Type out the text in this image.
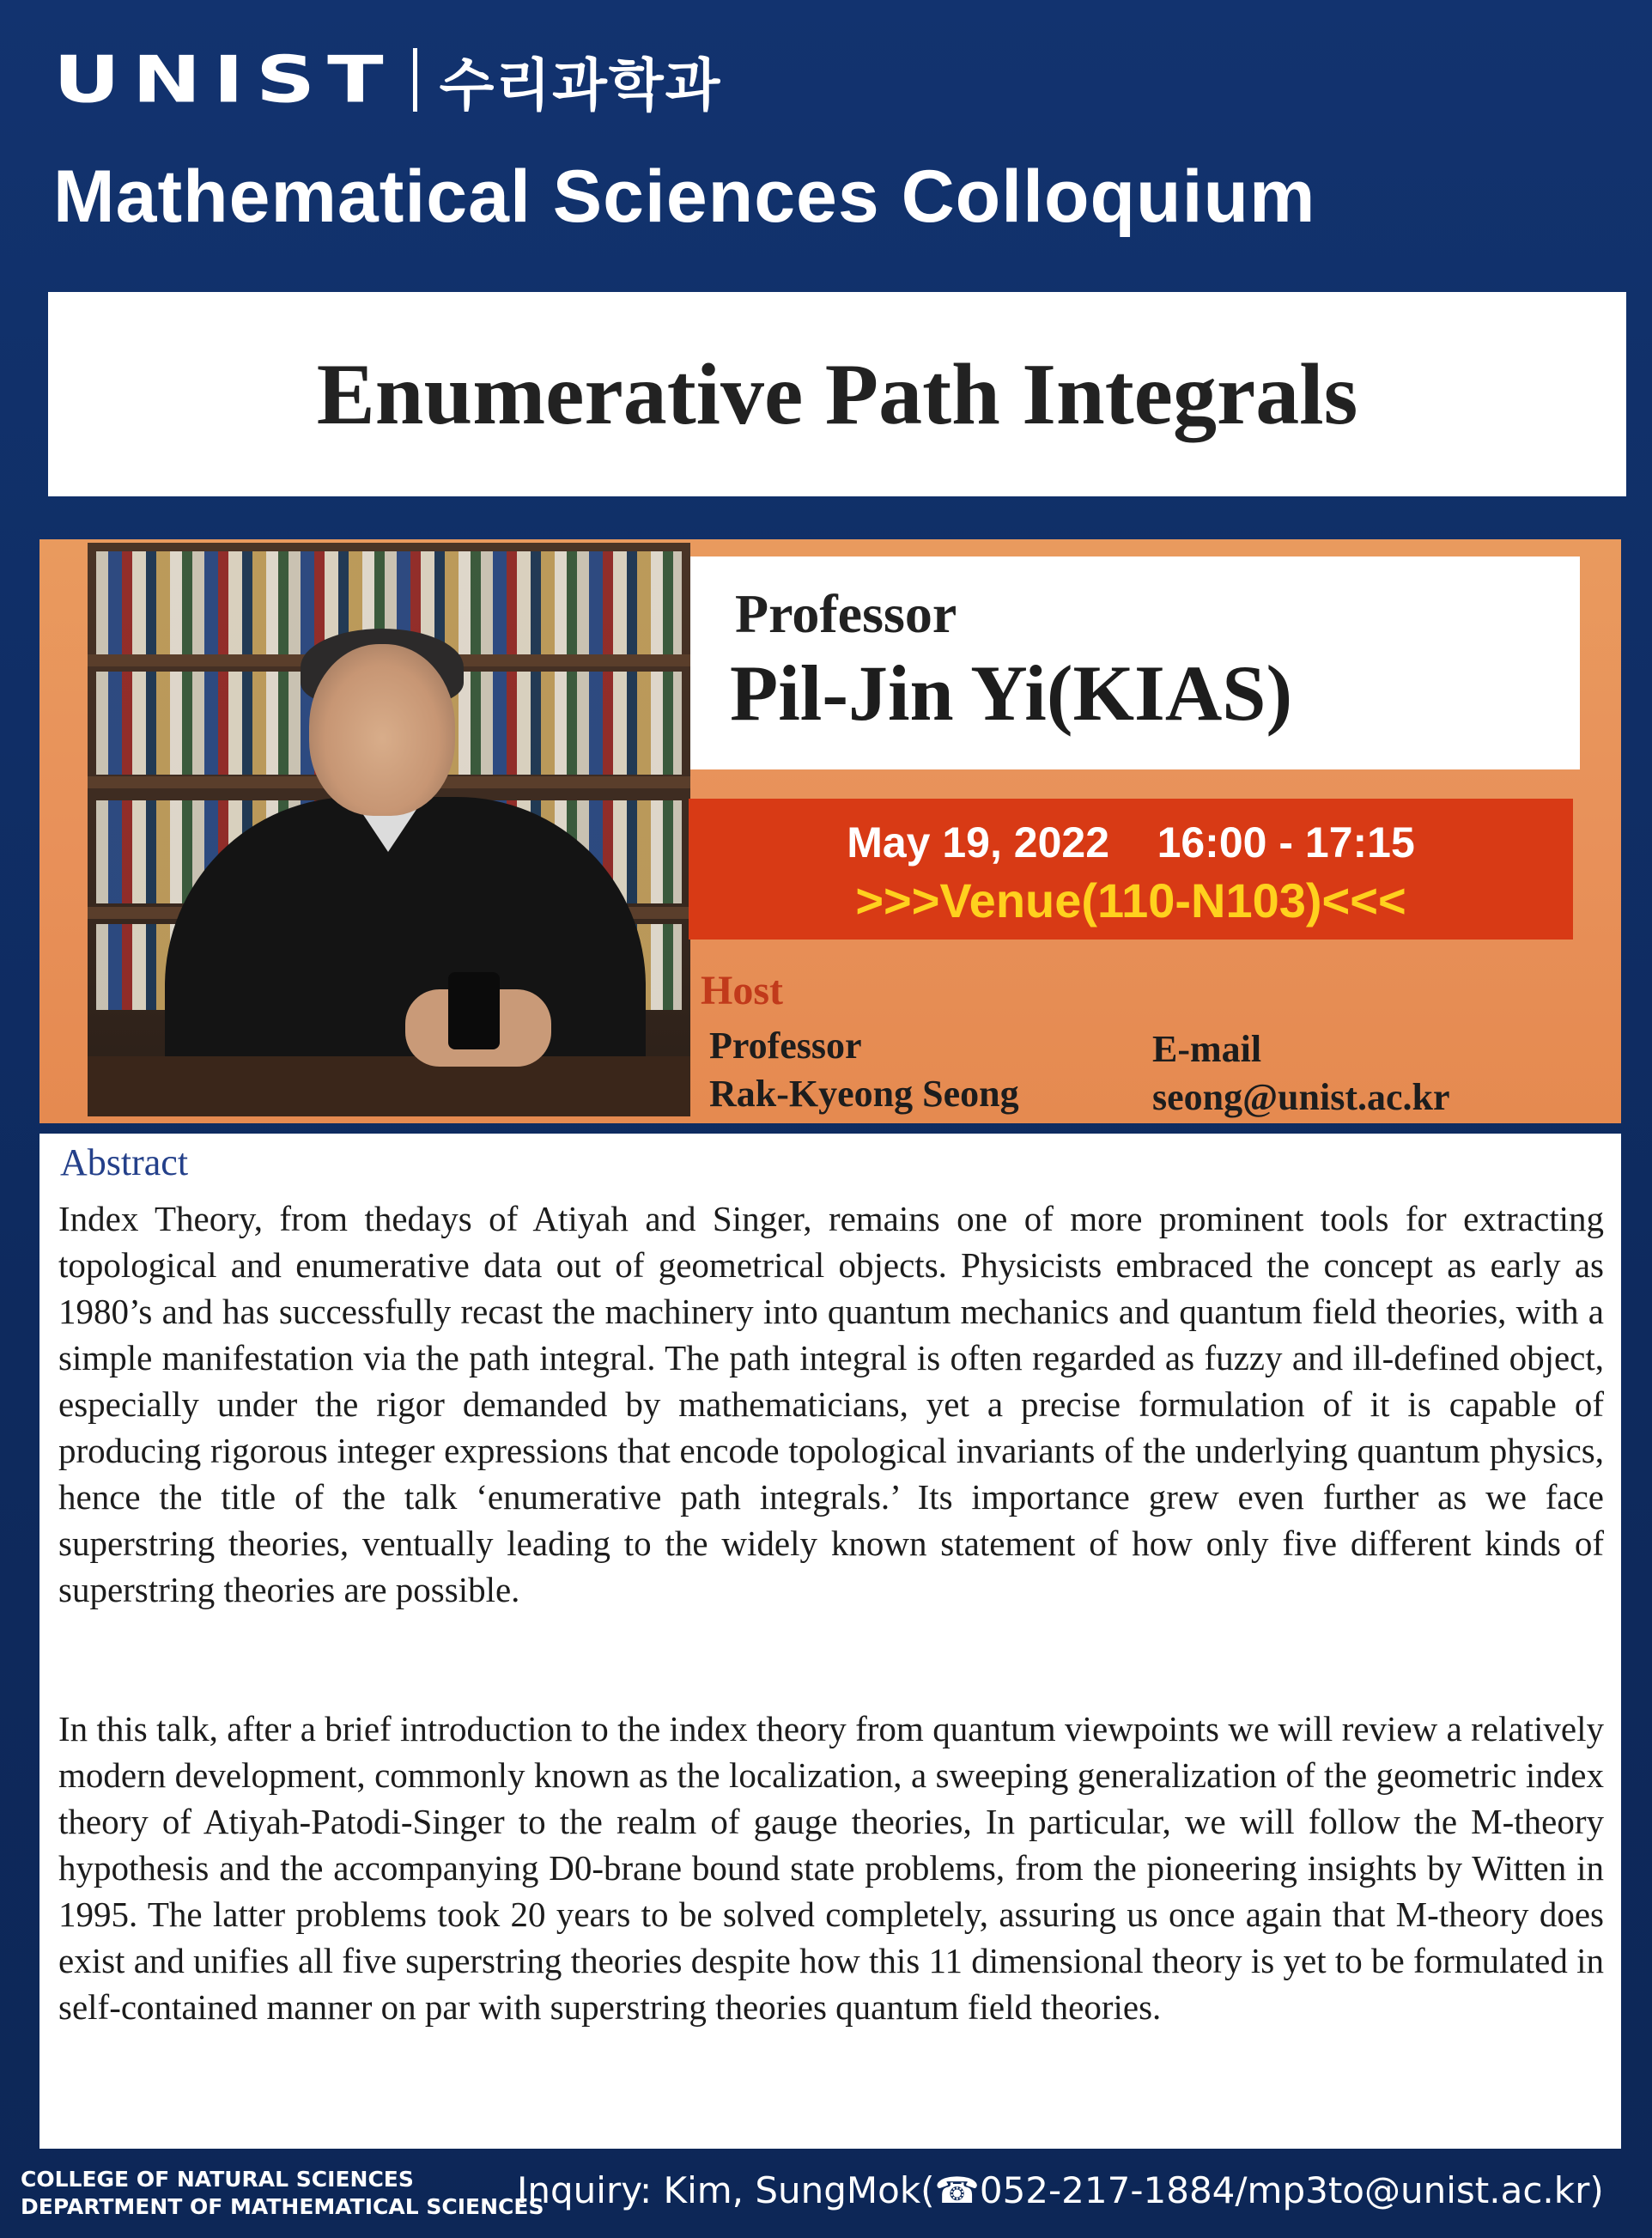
UNIST 수리과학과
Mathematical Sciences Colloquium
Enumerative Path Integrals
Professor
Pil-Jin Yi(KIAS)
May 19, 2022    16:00 - 17:15
>>>Venue(110-N103)<<<
Host
Professor
Rak-Kyeong Seong
E-mail
seong@unist.ac.kr
Abstract

Index Theory, from thedays of Atiyah and Singer, remains one of more prominent tools for extracting topological and enumerative data out of geometrical objects. Physicists embraced the concept as early as 1980’s and has successfully recast the machinery into quantum mechanics and quantum field theories, with a simple manifestation via the path integral. The path integral is often regarded as fuzzy and ill-defined object, especially under the rigor demanded by mathematicians, yet a precise formulation of it is capable of producing rigorous integer expressions that encode topological invariants of the underlying quantum physics, hence the title of the talk ‘enumerative path integrals.’ Its importance grew even further as we face superstring theories, ventually leading to the widely known statement of how only five different kinds of superstring theories are possible.

In this talk, after a brief introduction to the index theory from quantum viewpoints we will review a relatively modern development, commonly known as the localization, a sweeping generalization of the geometric index theory of Atiyah-Patodi-Singer to the realm of gauge theories, In particular, we will follow the M-theory hypothesis and the accompanying D0-brane bound state problems, from the pioneering insights by Witten in 1995. The latter problems took 20 years to be solved completely, assuring us once again that M-theory does exist and unifies all five superstring theories despite how this 11 dimensional theory is yet to be formulated in self-contained manner on par with superstring theories quantum field theories.

COLLEGE OF NATURAL SCIENCES
DEPARTMENT OF MATHEMATICAL SCIENCES
Inquiry: Kim, SungMok(☎052-217-1884/mp3to@unist.ac.kr)
